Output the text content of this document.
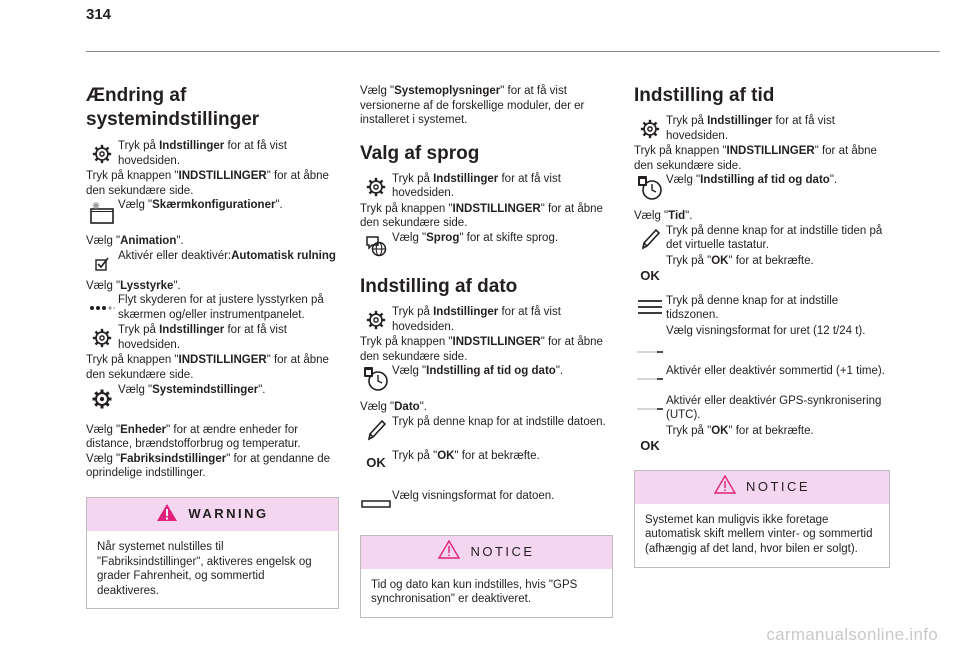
314
Ændring af systemindstillinger

Tryk på Indstillinger for at få vist hovedsiden.

Tryk på knappen "INDSTILLINGER" for at åbne den sekundære side.

Vælg "Skærmkonfigurationer".

Vælg "Animation".

Aktivér eller deaktivér:Automatisk rulning

Vælg "Lysstyrke".

Flyt skyderen for at justere lysstyrken på skærmen og/eller instrumentpanelet.

Tryk på Indstillinger for at få vist hovedsiden.

Tryk på knappen "INDSTILLINGER" for at åbne den sekundære side.

Vælg "Systemindstillinger".

Vælg "Enheder" for at ændre enheder for distance, brændstofforbrug og temperatur.

Vælg "Fabriksindstillinger" for at gendanne de oprindelige indstillinger.

WARNING
Når systemet nulstilles til "Fabriksindstillinger", aktiveres engelsk og grader Fahrenheit, og sommertid deaktiveres.

Vælg "Systemoplysninger" for at få vist versionerne af de forskellige moduler, der er installeret i systemet.

Valg af sprog

Tryk på Indstillinger for at få vist hovedsiden.

Tryk på knappen "INDSTILLINGER" for at åbne den sekundære side.

Vælg "Sprog" for at skifte sprog.

Indstilling af dato

Tryk på Indstillinger for at få vist hovedsiden.

Tryk på knappen "INDSTILLINGER" for at åbne den sekundære side.

Vælg "Indstilling af tid og dato".

Vælg "Dato".

Tryk på denne knap for at indstille datoen.

OK Tryk på "OK" for at bekræfte.

Vælg visningsformat for datoen.

NOTICE
Tid og dato kan kun indstilles, hvis "GPS synchronisation" er deaktiveret.
Indstilling af tid

Tryk på Indstillinger for at få vist hovedsiden.

Tryk på knappen "INDSTILLINGER" for at åbne den sekundære side.

Vælg "Indstilling af tid og dato".

Vælg "Tid".

Tryk på denne knap for at indstille tiden på det virtuelle tastatur.

OK

Tryk på "OK" for at bekræfte.

Tryk på denne knap for at indstille tidszonen.

Vælg visningsformat for uret (12 t/24 t).

Aktivér eller deaktivér sommertid (+1 time).

Aktivér eller deaktivér GPS-synkronisering (UTC).

OK

Tryk på "OK" for at bekræfte.

NOTICE
Systemet kan muligvis ikke foretage automatisk skift mellem vinter- og sommertid (afhængig af det land, hvor bilen er solgt).
carmanualsonline.info
